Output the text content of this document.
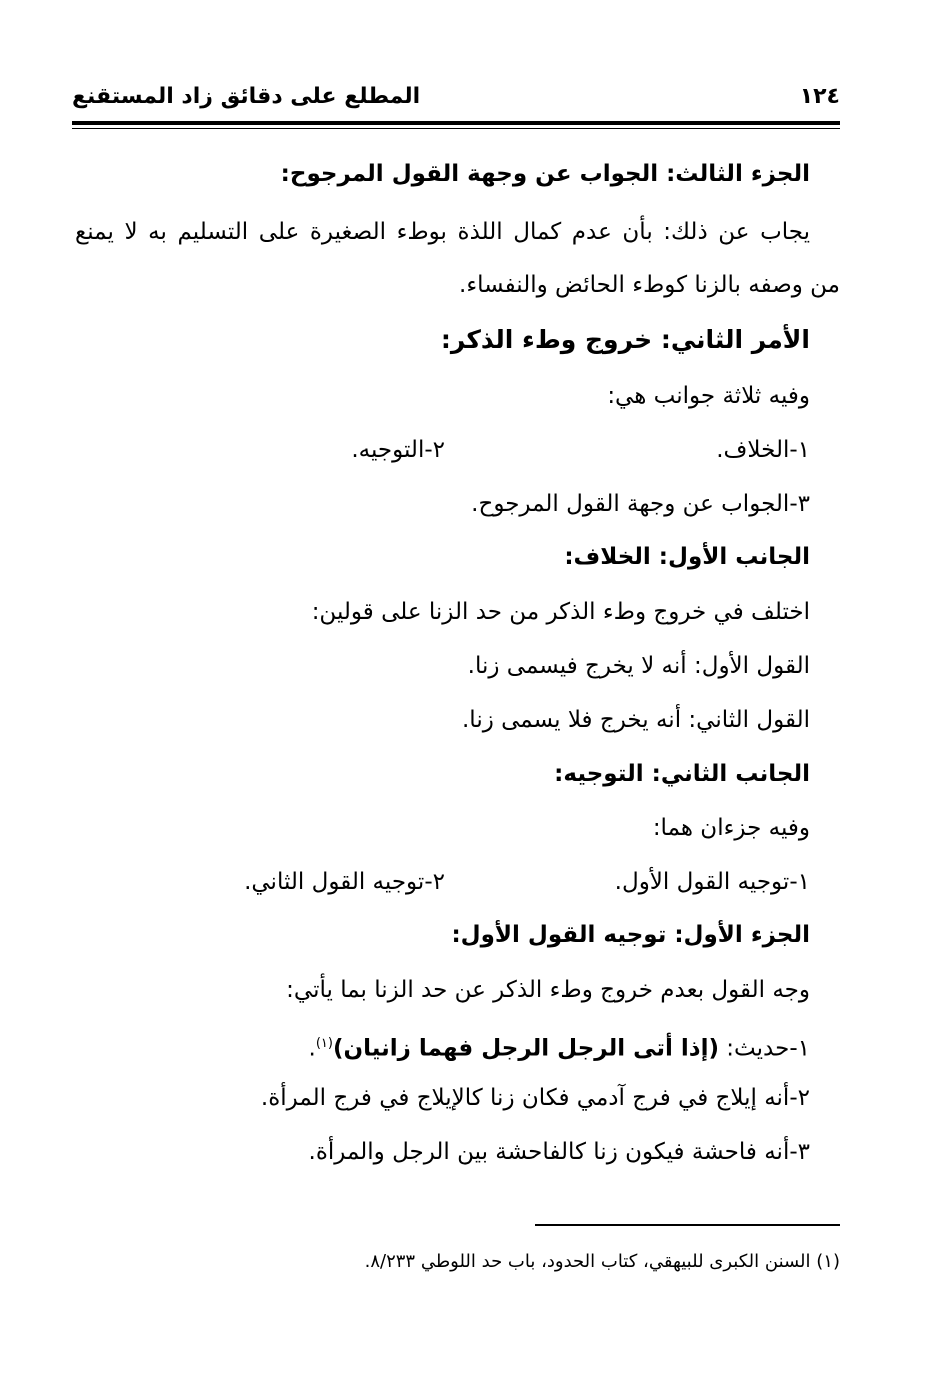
١٢٤
المطلع على دقائق زاد المستقنع
الجزء الثالث: الجواب عن وجهة القول المرجوح:
يجاب عن ذلك: بأن عدم كمال اللذة بوطء الصغيرة على التسليم به لا يمنع
من وصفه بالزنا كوطء الحائض والنفساء.
الأمر الثاني: خروج وطء الذكر:
وفيه ثلاثة جوانب هي:
١-الخلاف.
٢-التوجيه.
٣-الجواب عن وجهة القول المرجوح.
الجانب الأول: الخلاف:
اختلف في خروج وطء الذكر من حد الزنا على قولين:
القول الأول: أنه لا يخرج فيسمى زنا.
القول الثاني: أنه يخرج فلا يسمى زنا.
الجانب الثاني: التوجيه:
وفيه جزءان هما:
١-توجيه القول الأول.
٢-توجيه القول الثاني.
الجزء الأول: توجيه القول الأول:
وجه القول بعدم خروج وطء الذكر عن حد الزنا بما يأتي:
١-حديث: (إذا أتى الرجل الرجل فهما زانيان)$^{(١)}$.
٢-أنه إيلاج في فرج آدمي فكان زنا كالإيلاج في فرج المرأة.
٣-أنه فاحشة فيكون زنا كالفاحشة بين الرجل والمرأة.
(١) السنن الكبرى للبيهقي، كتاب الحدود، باب حد اللوطي ٨/٢٣٣.
